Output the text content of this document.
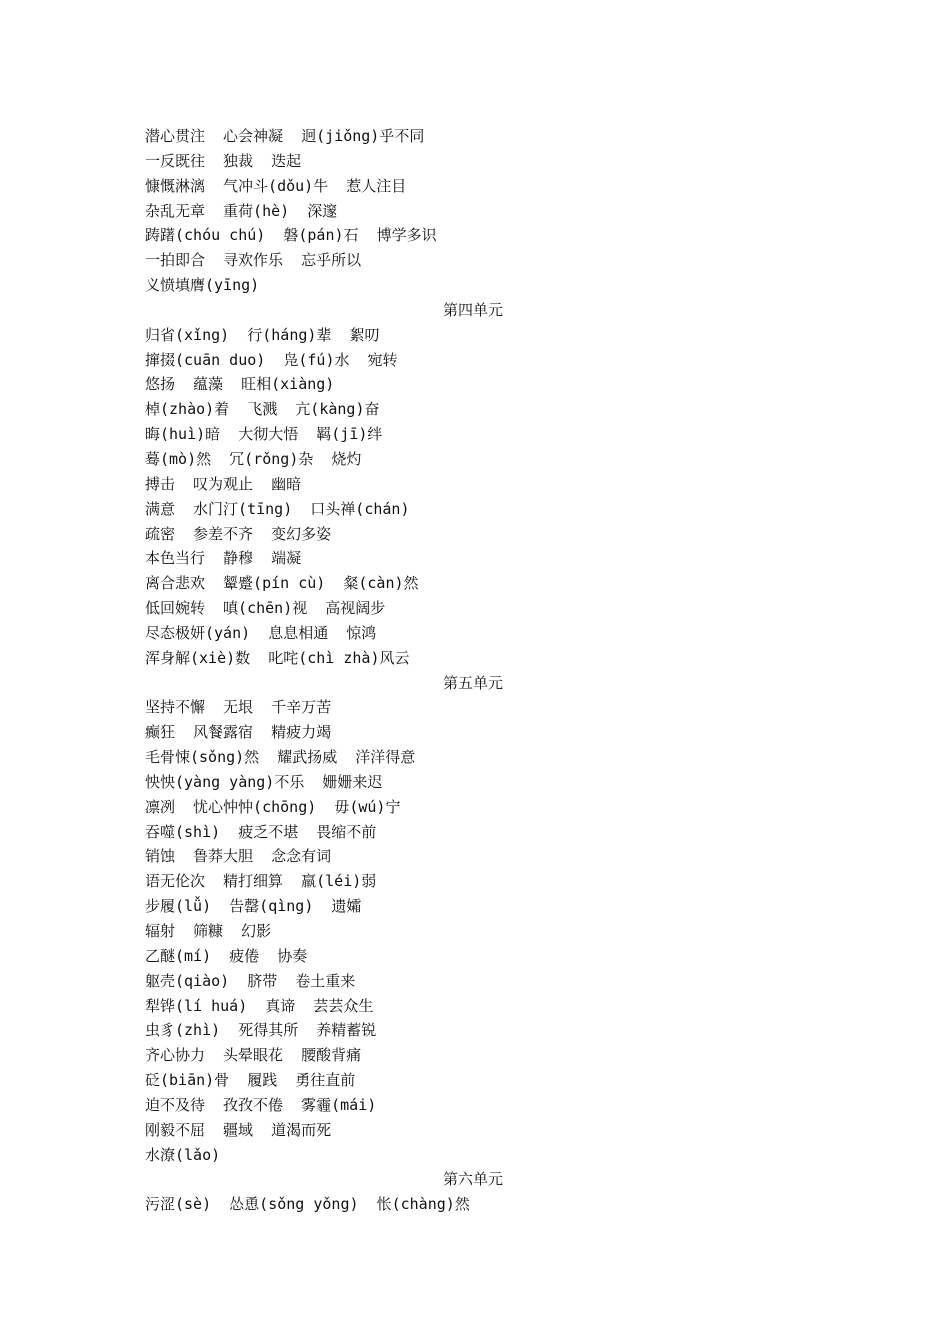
潜心贯注  心会神凝  迥(jiǒng)乎不同
一反既往  独裁  迭起
慷慨淋漓  气冲斗(dǒu)牛  惹人注目
杂乱无章  重荷(hè)  深邃
踌躇(chóu chú)  磐(pán)石  博学多识
一拍即合  寻欢作乐  忘乎所以
义愤填膺(yīng)
第四单元
归省(xǐng)  行(háng)辈  絮叨
撺掇(cuān duo)  凫(fú)水  宛转
悠扬  蕴藻  旺相(xiàng)
棹(zhào)着  飞溅  亢(kàng)奋
晦(huì)暗  大彻大悟  羁(jī)绊
蓦(mò)然  冗(rǒng)杂  烧灼
搏击  叹为观止  幽暗
满意  水门汀(tīng)  口头禅(chán)
疏密  参差不齐  变幻多姿
本色当行  静穆  端凝
离合悲欢  颦蹙(pín cù)  粲(càn)然
低回婉转  嗔(chēn)视  高视阔步
尽态极妍(yán)  息息相通  惊鸿
浑身解(xiè)数  叱咤(chì zhà)风云
第五单元
坚持不懈  无垠  千辛万苦
癫狂  风餐露宿  精疲力竭
毛骨悚(sǒng)然  耀武扬威  洋洋得意
怏怏(yàng yàng)不乐  姗姗来迟
凛冽  忧心忡忡(chōng)  毋(wú)宁
吞噬(shì)  疲乏不堪  畏缩不前
销蚀  鲁莽大胆  念念有词
语无伦次  精打细算  羸(léi)弱
步履(lǚ)  告罄(qìng)  遗孀
辐射  筛糠  幻影
乙醚(mí)  疲倦  协奏
躯壳(qiào)  脐带  卷土重来
犁铧(lí huá)  真谛  芸芸众生
虫豸(zhì)  死得其所  养精蓄锐
齐心协力  头晕眼花  腰酸背痛
砭(biān)骨  履践  勇往直前
迫不及待  孜孜不倦  雾霾(mái)
刚毅不屈  疆域  道渴而死
水潦(lǎo)
第六单元
污涩(sè)  怂恿(sǒng yǒng)  怅(chàng)然
